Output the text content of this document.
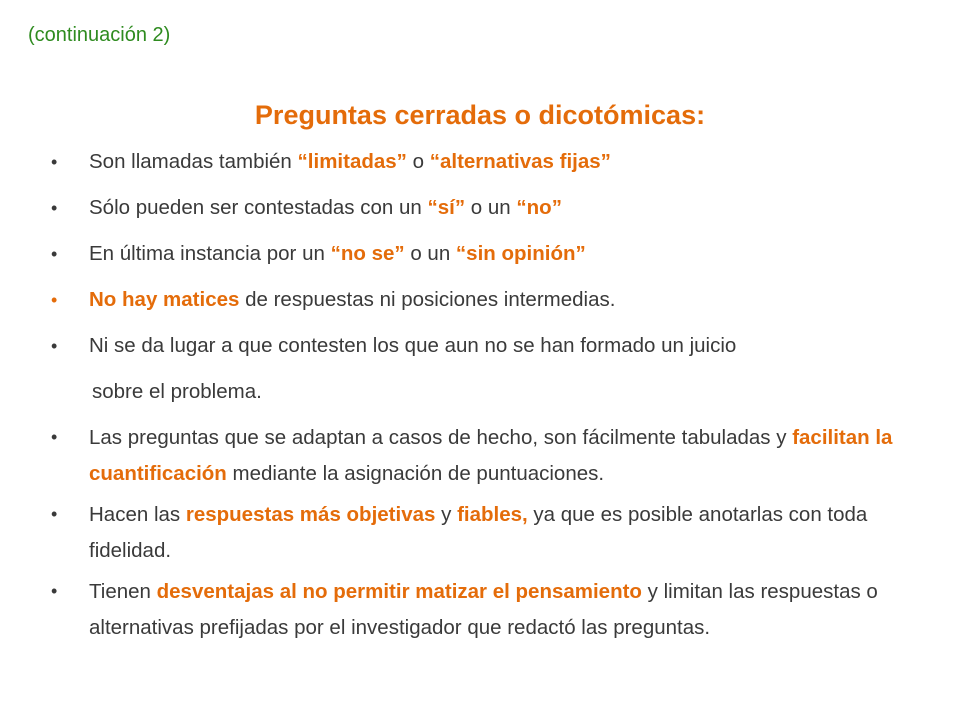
(continuación 2)
Preguntas cerradas o dicotómicas:
• Son llamadas también “limitadas” o “alternativas fijas”
• Sólo pueden ser contestadas con un “sí” o un “no”
• En última instancia por un “no se” o un “sin opinión”
• No hay matices de respuestas ni posiciones intermedias.
• Ni se da lugar a que contesten los que aun no se han formado un juicio
sobre el problema.
• Las preguntas que se adaptan a casos de hecho, son fácilmente tabuladas y facilitan la cuantificación mediante la asignación de puntuaciones.
• Hacen las respuestas más objetivas y fiables, ya que es posible anotarlas con toda fidelidad.
• Tienen desventajas al no permitir matizar el pensamiento y limitan las respuestas o alternativas prefijadas por el investigador que redactó las preguntas.
